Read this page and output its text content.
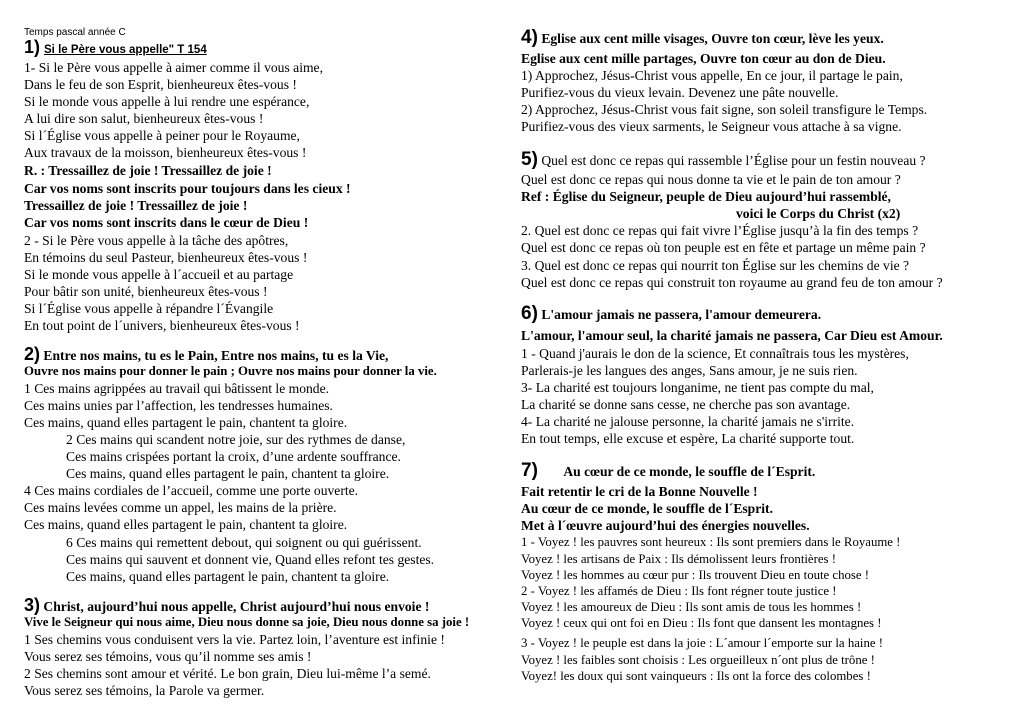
Temps pascal année C
1) Si le Père vous appelle" T 154
1- Si le Père vous appelle à aimer comme il vous aime,
Dans le feu de son Esprit, bienheureux êtes-vous !
Si le monde vous appelle à lui rendre une espérance,
A lui dire son salut, bienheureux êtes-vous !
Si l´Église vous appelle à peiner pour le Royaume,
Aux travaux de la moisson, bienheureux êtes-vous !
R. : Tressaillez de joie ! Tressaillez de joie !
Car vos noms sont inscrits pour toujours dans les cieux !
Tressaillez de joie ! Tressaillez de joie !
Car vos noms sont inscrits dans le cœur de Dieu !
2 - Si le Père vous appelle à la tâche des apôtres,
En témoins du seul Pasteur, bienheureux êtes-vous !
Si le monde vous appelle à l´accueil et au partage
Pour bâtir son unité, bienheureux êtes-vous !
Si l´Église vous appelle à répandre l´Évangile
En tout point de l´univers, bienheureux êtes-vous !
2) Entre nos mains, tu es le Pain, Entre nos mains, tu es la Vie,
Ouvre nos mains pour donner le pain ; Ouvre nos mains pour donner la vie.
1 Ces mains agrippées au travail qui bâtissent le monde.
Ces mains unies par l’affection, les tendresses humaines.
Ces mains, quand elles partagent le pain, chantent ta gloire.
2 Ces mains qui scandent notre joie, sur des rythmes de danse,
Ces mains crispées portant la croix, d’une ardente souffrance.
Ces mains, quand elles partagent le pain, chantent ta gloire.
4 Ces mains cordiales de l’accueil, comme une porte ouverte.
Ces mains levées comme un appel, les mains de la prière.
Ces mains, quand elles partagent le pain, chantent ta gloire.
6 Ces mains qui remettent debout, qui soignent ou qui guérissent.
Ces mains qui sauvent et donnent vie, Quand elles refont tes gestes.
Ces mains, quand elles partagent le pain, chantent ta gloire.
3) Christ, aujourd’hui nous appelle, Christ aujourd’hui nous envoie !
Vive le Seigneur qui nous aime, Dieu nous donne sa joie, Dieu nous donne sa joie !
1 Ses chemins vous conduisent vers la vie. Partez loin, l’aventure est infinie !
Vous serez ses témoins, vous qu’il nomme ses amis !
2 Ses chemins sont amour et vérité. Le bon grain, Dieu lui-même l’a semé.
Vous serez ses témoins, la Parole va germer.
4) Eglise aux cent mille visages, Ouvre ton cœur, lève les yeux.
Eglise aux cent mille partages, Ouvre ton cœur au don de Dieu.
1) Approchez, Jésus-Christ vous appelle, En ce jour, il partage le pain,
Purifiez-vous du vieux levain. Devenez une pâte nouvelle.
2) Approchez, Jésus-Christ vous fait signe, son soleil transfigure le Temps.
Purifiez-vous des vieux sarments, le Seigneur vous attache à sa vigne.
5) Quel est donc ce repas qui rassemble l’Église pour un festin nouveau ?
Quel est donc ce repas qui nous donne ta vie et le pain de ton amour ?
Ref : Église du Seigneur, peuple de Dieu aujourd’hui rassemblé,
voici le Corps du Christ (x2)
2. Quel est donc ce repas qui fait vivre l’Église jusqu’à la fin des temps ?
Quel est donc ce repas où ton peuple est en fête et partage un même pain ?
3. Quel est donc ce repas qui nourrit ton Église sur les chemins de vie ?
Quel est donc ce repas qui construit ton royaume au grand feu de ton amour ?
6) L'amour jamais ne passera, l'amour demeurera.
L'amour, l'amour seul, la charité jamais ne passera, Car Dieu est Amour.
1 - Quand j'aurais le don de la science, Et connaîtrais tous les mystères,
Parlerais-je les langues des anges, Sans amour, je ne suis rien.
3- La charité est toujours longanime, ne tient pas compte du mal,
La charité se donne sans cesse, ne cherche pas son avantage.
4- La charité ne jalouse personne, la charité jamais ne s'irrite.
En tout temps, elle excuse et espère, La charité supporte tout.
7) Au cœur de ce monde, le souffle de l´Esprit.
Fait retentir le cri de la Bonne Nouvelle !
Au cœur de ce monde, le souffle de l´Esprit.
Met à l´œuvre aujourd’hui des énergies nouvelles.
1 - Voyez ! les pauvres sont heureux : Ils sont premiers dans le Royaume !
Voyez ! les artisans de Paix : Ils démolissent leurs frontières !
Voyez ! les hommes au cœur pur : Ils trouvent Dieu en toute chose !
2 - Voyez ! les affamés de Dieu : Ils font régner toute justice !
Voyez ! les amoureux de Dieu : Ils sont amis de tous les hommes !
Voyez ! ceux qui ont foi en Dieu : Ils font que dansent les montagnes !
3 - Voyez ! le peuple est dans la joie : L´amour l´emporte sur la haine !
Voyez ! les faibles sont choisis : Les orgueilleux n´ont plus de trône !
Voyez! les doux qui sont vainqueurs : Ils ont la force des colombes !
